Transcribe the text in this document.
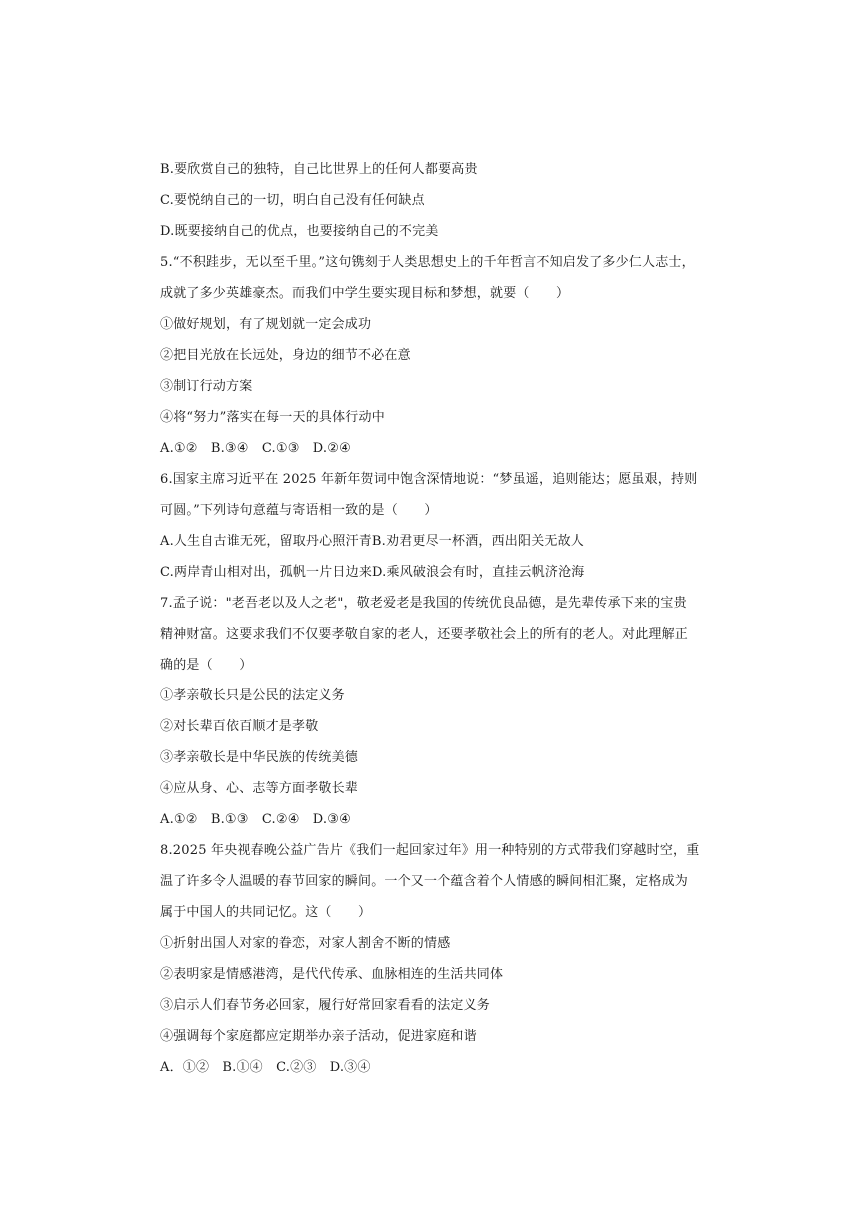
B.要欣赏自己的独特，自己比世界上的任何人都要高贵
C.要悦纳自己的一切，明白自己没有任何缺点
D.既要接纳自己的优点，也要接纳自己的不完美
5.“不积跬步，无以至千里。”这句镌刻于人类思想史上的千年哲言不知启发了多少仁人志士，
成就了多少英雄豪杰。而我们中学生要实现目标和梦想，就要（　　）
①做好规划，有了规划就一定会成功
②把目光放在长远处，身边的细节不必在意
③制订行动方案
④将“努力”落实在每一天的具体行动中
A.①②　B.③④　C.①③　D.②④
6.国家主席习近平在 2025 年新年贺词中饱含深情地说：“梦虽遥，追则能达；愿虽艰，持则
可圆。”下列诗句意蕴与寄语相一致的是（　　）
A.人生自古谁无死，留取丹心照汗青B.劝君更尽一杯酒，西出阳关无故人
C.两岸青山相对出，孤帆一片日边来D.乘风破浪会有时，直挂云帆济沧海
7.孟子说："老吾老以及人之老"，敬老爱老是我国的传统优良品德，是先辈传承下来的宝贵
精神财富。这要求我们不仅要孝敬自家的老人，还要孝敬社会上的所有的老人。对此理解正
确的是（　　）
①孝亲敬长只是公民的法定义务
②对长辈百依百顺才是孝敬
③孝亲敬长是中华民族的传统美德
④应从身、心、志等方面孝敬长辈
A.①②　B.①③　C.②④　D.③④
8.2025 年央视春晚公益广告片《我们一起回家过年》用一种特别的方式带我们穿越时空，重
温了许多令人温暖的春节回家的瞬间。一个又一个蕴含着个人情感的瞬间相汇聚，定格成为
属于中国人的共同记忆。这（　　）
①折射出国人对家的眷恋，对家人割舍不断的情感
②表明家是情感港湾，是代代传承、血脉相连的生活共同体
③启示人们春节务必回家，履行好常回家看看的法定义务
④强调每个家庭都应定期举办亲子活动，促进家庭和谐
A．①②　B.①④　C.②③　D.③④
